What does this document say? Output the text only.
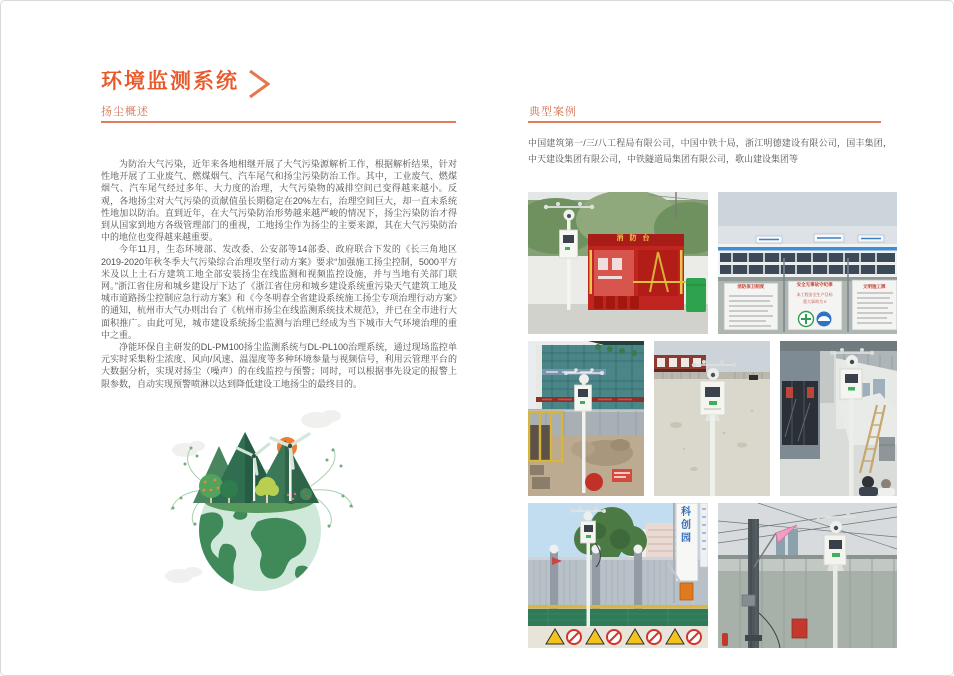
环境监测系统
扬尘概述

为防治大气污染，近年来各地相继开展了大气污染源解析工作，根据解析结果，针对性地开展了工业废气、燃煤烟气、汽车尾气和扬尘污染防治工作。其中，工业废气、燃煤烟气、汽车尾气经过多年、大力度的治理，大气污染物的减排空间已变得越来越小。反观，各地扬尘对大气污染的贡献值虽长期稳定在20%左右，治理空间巨大，却一直未系统性地加以防治。直到近年，在大气污染防治形势越来越严峻的情况下，扬尘污染防治才得到从国家到地方各级管理部门的重视，工地扬尘作为扬尘的主要来源，其在大气污染防治中的地位也变得越来越重要。

今年11月，生态环境部、发改委、公安部等14部委、政府联合下发的《长三角地区2019-2020年秋冬季大气污染综合治理攻坚行动方案》要求“加强施工扬尘控制，5000平方米及以上土石方建筑工地全部安装扬尘在线监测和视频监控设施，并与当地有关部门联网。”浙江省住房和城乡建设厅下达了《浙江省住房和城乡建设系统重污染天气建筑工地及城市道路扬尘控制应急行动方案》和《今冬明春全省建设系统施工扬尘专项治理行动方案》的通知，杭州市大气办则出台了《杭州市扬尘在线监测系统技术规范》，并已在全市进行大面积推广。由此可见，城市建设系统扬尘监测与治理已经成为当下城市大气环境治理的重中之重。

净能环保自主研发的DL-PM100扬尘监测系统与DL-PL100治理系统，通过现场监控单元实时采集粉尘浓度、风向/风速、温湿度等多种环境参量与视频信号，利用云管理平台的大数据分析，实现对扬尘（噪声）的在线监控与预警；同时，可以根据事先设定的报警上限参数，自动实现预警喷淋以达到降低建设工地扬尘的最终目的。

典型案例

中国建筑第一/三/八工程局有限公司，中国中铁十局，浙江明德建设有限公司，国丰集团，中天建设集团有限公司，中铁隧道局集团有限公司，歌山建设集团等

消防台
消防保卫制度	安全无事故守纪律
本工程安全生产目标
重大事故为 0
文明施工牌
科创园
